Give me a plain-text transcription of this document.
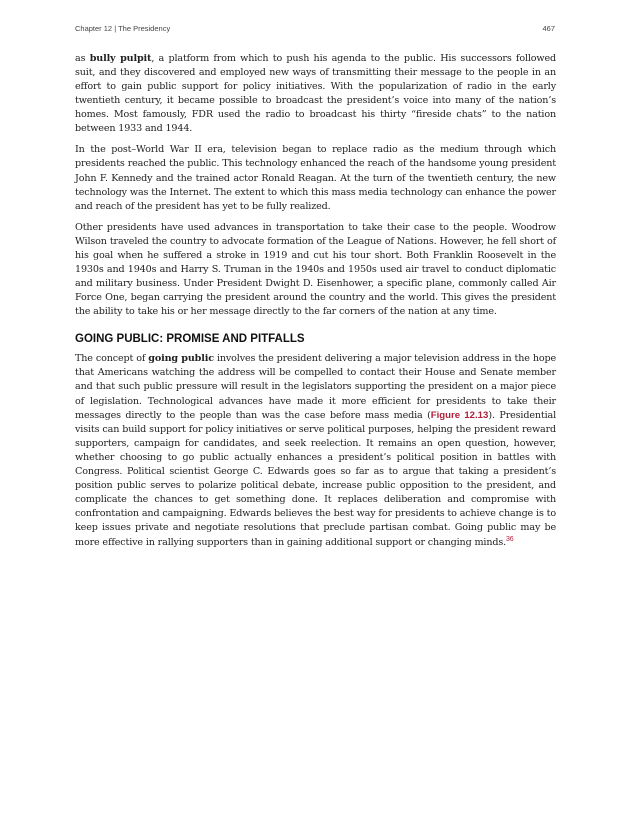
Chapter 12 | The Presidency	467

as bully pulpit, a platform from which to push his agenda to the public. His successors followed suit, and they discovered and employed new ways of transmitting their message to the people in an effort to gain public support for policy initiatives. With the popularization of radio in the early twentieth century, it became possible to broadcast the president’s voice into many of the nation’s homes. Most famously, FDR used the radio to broadcast his thirty “fireside chats” to the nation between 1933 and 1944.

In the post–World War II era, television began to replace radio as the medium through which presidents reached the public. This technology enhanced the reach of the handsome young president John F. Kennedy and the trained actor Ronald Reagan. At the turn of the twentieth century, the new technology was the Internet. The extent to which this mass media technology can enhance the power and reach of the president has yet to be fully realized.

Other presidents have used advances in transportation to take their case to the people. Woodrow Wilson traveled the country to advocate formation of the League of Nations. However, he fell short of his goal when he suffered a stroke in 1919 and cut his tour short. Both Franklin Roosevelt in the 1930s and 1940s and Harry S. Truman in the 1940s and 1950s used air travel to conduct diplomatic and military business. Under President Dwight D. Eisenhower, a specific plane, commonly called Air Force One, began carrying the president around the country and the world. This gives the president the ability to take his or her message directly to the far corners of the nation at any time.

GOING PUBLIC: PROMISE AND PITFALLS

The concept of going public involves the president delivering a major television address in the hope that Americans watching the address will be compelled to contact their House and Senate member and that such public pressure will result in the legislators supporting the president on a major piece of legislation. Technological advances have made it more efficient for presidents to take their messages directly to the people than was the case before mass media (Figure 12.13). Presidential visits can build support for policy initiatives or serve political purposes, helping the president reward supporters, campaign for candidates, and seek reelection. It remains an open question, however, whether choosing to go public actually enhances a president’s political position in battles with Congress. Political scientist George C. Edwards goes so far as to argue that taking a president’s position public serves to polarize political debate, increase public opposition to the president, and complicate the chances to get something done. It replaces deliberation and compromise with confrontation and campaigning. Edwards believes the best way for presidents to achieve change is to keep issues private and negotiate resolutions that preclude partisan combat. Going public may be more effective in rallying supporters than in gaining additional support or changing minds.$^{36}$
